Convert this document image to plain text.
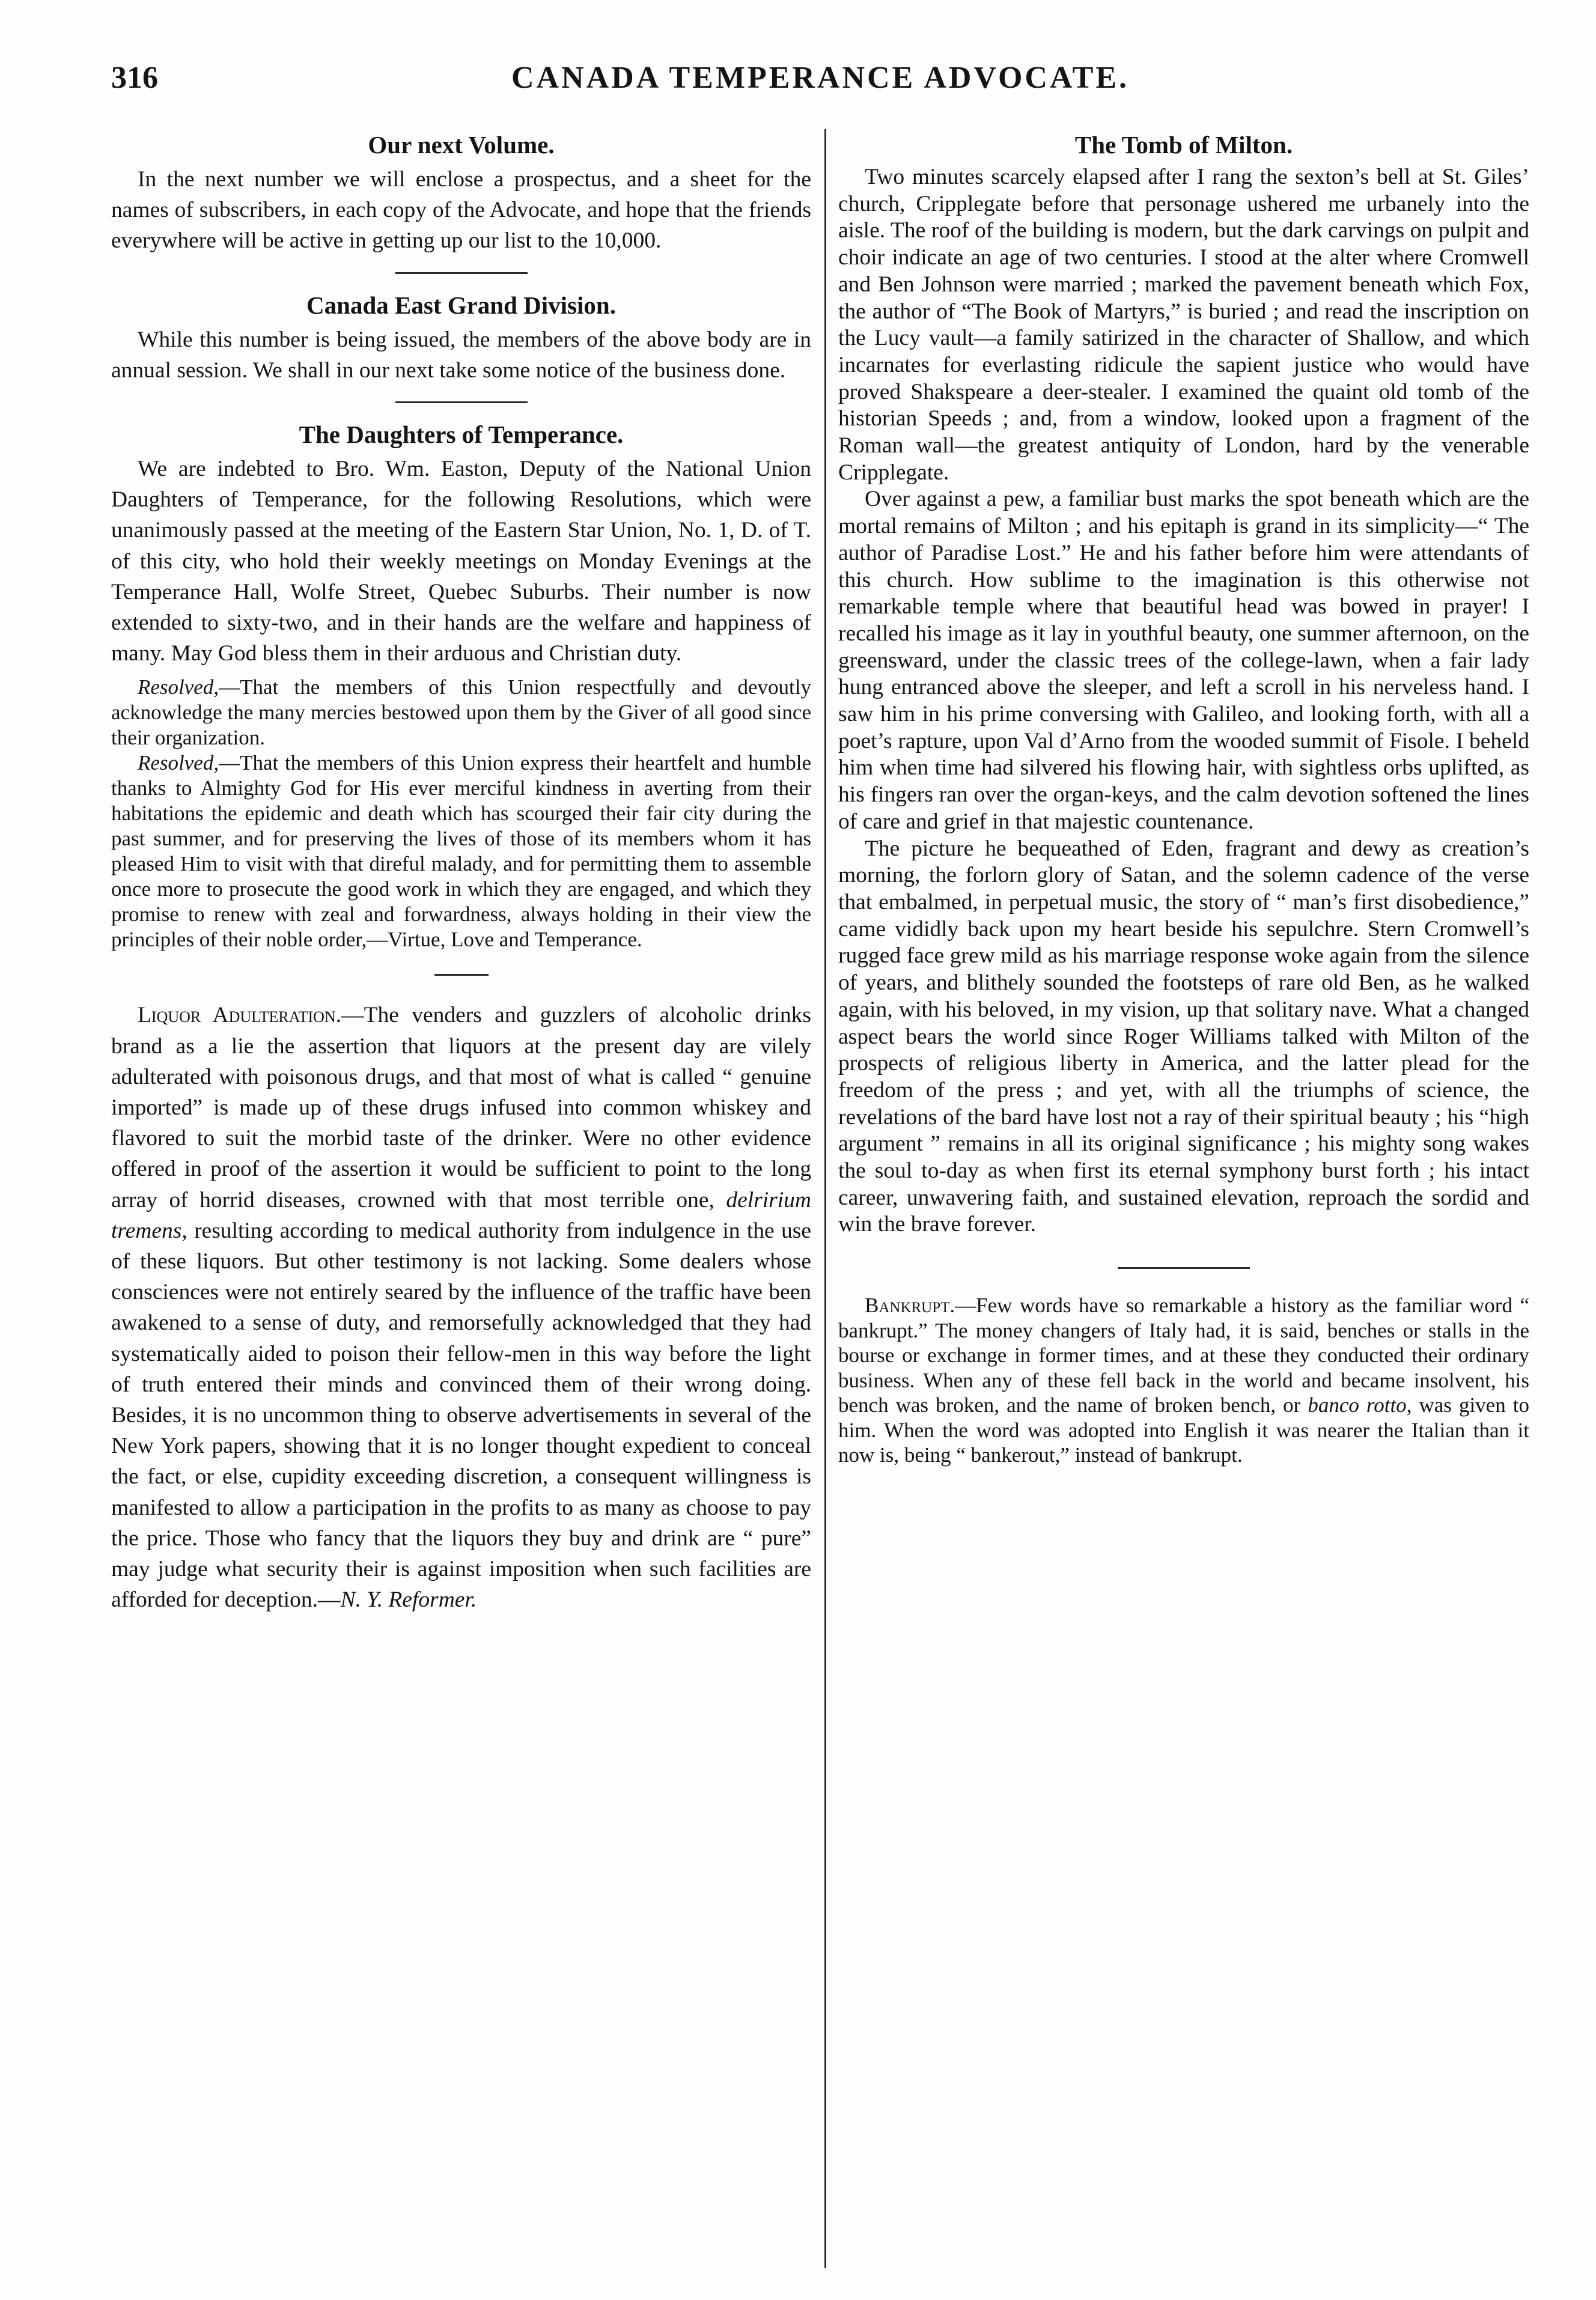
316	CANADA TEMPERANCE ADVOCATE.
Our next Volume.

In the next number we will enclose a prospectus, and a sheet for the names of subscribers, in each copy of the Advocate, and hope that the friends everywhere will be active in getting up our list to the 10,000.

Canada East Grand Division.

While this number is being issued, the members of the above body are in annual session. We shall in our next take some notice of the business done.

The Daughters of Temperance.

We are indebted to Bro. Wm. Easton, Deputy of the National Union Daughters of Temperance, for the following Resolutions, which were unanimously passed at the meeting of the Eastern Star Union, No. 1, D. of T. of this city, who hold their weekly meetings on Monday Evenings at the Temperance Hall, Wolfe Street, Quebec Suburbs. Their number is now extended to sixty-two, and in their hands are the welfare and happiness of many. May God bless them in their arduous and Christian duty.

Resolved,—That the members of this Union respectfully and devoutly acknowledge the many mercies bestowed upon them by the Giver of all good since their organization.

Resolved,—That the members of this Union express their heartfelt and humble thanks to Almighty God for His ever merciful kindness in averting from their habitations the epidemic and death which has scourged their fair city during the past summer, and for preserving the lives of those of its members whom it has pleased Him to visit with that direful malady, and for permitting them to assemble once more to prosecute the good work in which they are engaged, and which they promise to renew with zeal and forwardness, always holding in their view the principles of their noble order,—Virtue, Love and Temperance.

Liquor Adulteration.—The venders and guzzlers of alcoholic drinks brand as a lie the assertion that liquors at the present day are vilely adulterated with poisonous drugs, and that most of what is called “ genuine imported” is made up of these drugs infused into common whiskey and flavored to suit the morbid taste of the drinker. Were no other evidence offered in proof of the assertion it would be sufficient to point to the long array of horrid diseases, crowned with that most terrible one, delririum tremens, resulting according to medical authority from indulgence in the use of these liquors. But other testimony is not lacking. Some dealers whose consciences were not entirely seared by the influence of the traffic have been awakened to a sense of duty, and remorsefully acknowledged that they had systematically aided to poison their fellow-men in this way before the light of truth entered their minds and convinced them of their wrong doing. Besides, it is no uncommon thing to observe advertisements in several of the New York papers, showing that it is no longer thought expedient to conceal the fact, or else, cupidity exceeding discretion, a consequent willingness is manifested to allow a participation in the profits to as many as choose to pay the price. Those who fancy that the liquors they buy and drink are “ pure” may judge what security their is against imposition when such facilities are afforded for deception.—N. Y. Reformer.

The Tomb of Milton.

Two minutes scarcely elapsed after I rang the sexton’s bell at St. Giles’ church, Cripplegate before that personage ushered me urbanely into the aisle. The roof of the building is modern, but the dark carvings on pulpit and choir indicate an age of two centuries. I stood at the alter where Cromwell and Ben Johnson were married ; marked the pavement beneath which Fox, the author of “The Book of Martyrs,” is buried ; and read the inscription on the Lucy vault—a family satirized in the character of Shallow, and which incarnates for everlasting ridicule the sapient justice who would have proved Shakspeare a deer-stealer. I examined the quaint old tomb of the historian Speeds ; and, from a window, looked upon a fragment of the Roman wall—the greatest antiquity of London, hard by the venerable Cripplegate.

Over against a pew, a familiar bust marks the spot beneath which are the mortal remains of Milton ; and his epitaph is grand in its simplicity—“ The author of Paradise Lost.” He and his father before him were attendants of this church. How sublime to the imagination is this otherwise not remarkable temple where that beautiful head was bowed in prayer! I recalled his image as it lay in youthful beauty, one summer afternoon, on the greensward, under the classic trees of the college-lawn, when a fair lady hung entranced above the sleeper, and left a scroll in his nerveless hand. I saw him in his prime conversing with Galileo, and looking forth, with all a poet’s rapture, upon Val d’Arno from the wooded summit of Fisole. I beheld him when time had silvered his flowing hair, with sightless orbs uplifted, as his fingers ran over the organ-keys, and the calm devotion softened the lines of care and grief in that majestic countenance.

The picture he bequeathed of Eden, fragrant and dewy as creation’s morning, the forlorn glory of Satan, and the solemn cadence of the verse that embalmed, in perpetual music, the story of “ man’s first disobedience,” came vididly back upon my heart beside his sepulchre. Stern Cromwell’s rugged face grew mild as his marriage response woke again from the silence of years, and blithely sounded the footsteps of rare old Ben, as he walked again, with his beloved, in my vision, up that solitary nave. What a changed aspect bears the world since Roger Williams talked with Milton of the prospects of religious liberty in America, and the latter plead for the freedom of the press ; and yet, with all the triumphs of science, the revelations of the bard have lost not a ray of their spiritual beauty ; his “high argument ” remains in all its original significance ; his mighty song wakes the soul to-day as when first its eternal symphony burst forth ; his intact career, unwavering faith, and sustained elevation, reproach the sordid and win the brave forever.

Bankrupt.—Few words have so remarkable a history as the familiar word “ bankrupt.” The money changers of Italy had, it is said, benches or stalls in the bourse or exchange in former times, and at these they conducted their ordinary business. When any of these fell back in the world and became insolvent, his bench was broken, and the name of broken bench, or banco rotto, was given to him. When the word was adopted into English it was nearer the Italian than it now is, being “ bankerout,” instead of bankrupt.
